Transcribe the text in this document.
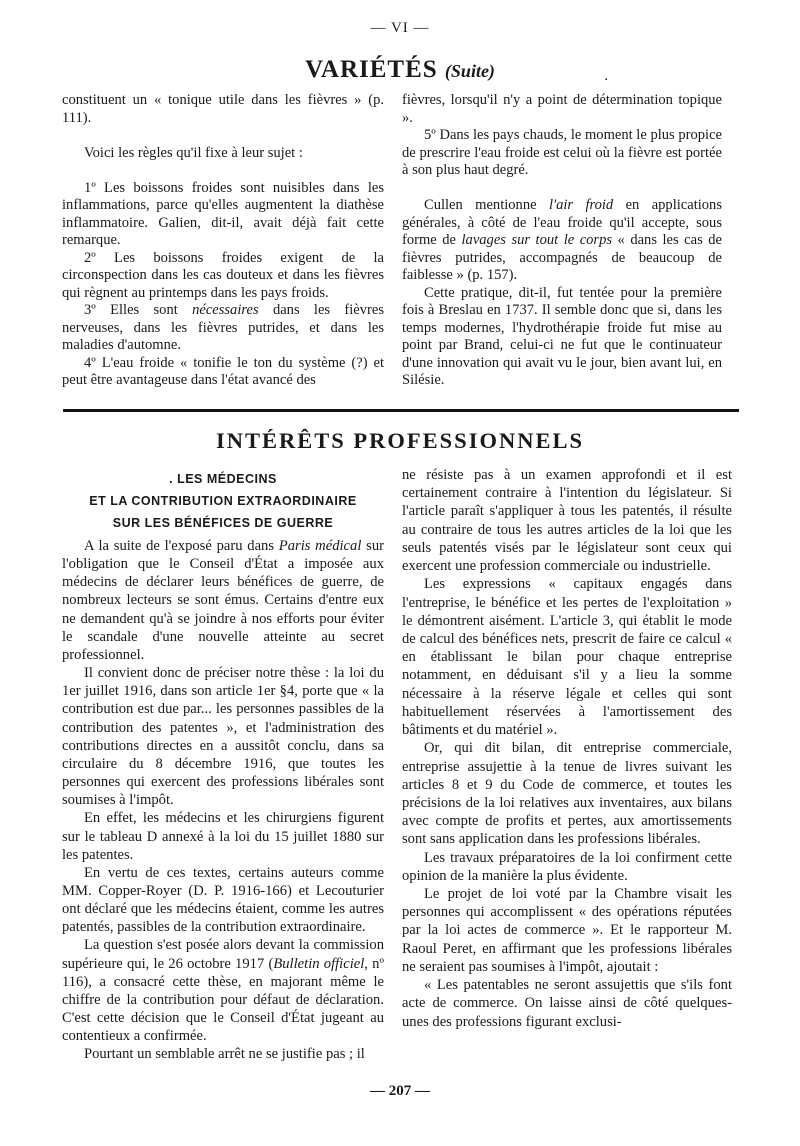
— VI —
VARIÉTÉS (Suite)	.

constituent un « tonique utile dans les fièvres » (p. 111).

Voici les règles qu'il fixe à leur sujet :

1º Les boissons froides sont nuisibles dans les inflammations, parce qu'elles augmentent la diathèse inflammatoire. Galien, dit-il, avait déjà fait cette remarque.

2º Les boissons froides exigent de la circonspection dans les cas douteux et dans les fièvres qui règnent au printemps dans les pays froids.

3º Elles sont nécessaires dans les fièvres nerveuses, dans les fièvres putrides, et dans les maladies d'automne.

4º L'eau froide « tonifie le ton du système (?) et peut être avantageuse dans l'état avancé des

fièvres, lorsqu'il n'y a point de détermination topique ».

5º Dans les pays chauds, le moment le plus propice de prescrire l'eau froide est celui où la fièvre est portée à son plus haut degré.

Cullen mentionne l'air froid en applications générales, à côté de l'eau froide qu'il accepte, sous forme de lavages sur tout le corps « dans les cas de fièvres putrides, accompagnés de beaucoup de faiblesse » (p. 157).

Cette pratique, dit-il, fut tentée pour la première fois à Breslau en 1737. Il semble donc que si, dans les temps modernes, l'hydrothérapie froide fut mise au point par Brand, celui-ci ne fut que le continuateur d'une innovation qui avait vu le jour, bien avant lui, en Silésie.

INTÉRÊTS PROFESSIONNELS

. LES MÉDECINS

ET LA CONTRIBUTION EXTRAORDINAIRE

SUR LES BÉNÉFICES DE GUERRE

A la suite de l'exposé paru dans Paris médical sur l'obligation que le Conseil d'État a imposée aux médecins de déclarer leurs bénéfices de guerre, de nombreux lecteurs se sont émus. Certains d'entre eux ne demandent qu'à se joindre à nos efforts pour éviter le scandale d'une nouvelle atteinte au secret professionnel.

Il convient donc de préciser notre thèse : la loi du 1er juillet 1916, dans son article 1er §4, porte que « la contribution est due par... les personnes passibles de la contribution des patentes », et l'administration des contributions directes en a aussitôt conclu, dans sa circulaire du 8 décembre 1916, que toutes les personnes qui exercent des professions libérales sont soumises à l'impôt.

En effet, les médecins et les chirurgiens figurent sur le tableau D annexé à la loi du 15 juillet 1880 sur les patentes.

En vertu de ces textes, certains auteurs comme MM. Copper-Royer (D. P. 1916-166) et Lecouturier ont déclaré que les médecins étaient, comme les autres patentés, passibles de la contribution extraordinaire.

La question s'est posée alors devant la commission supérieure qui, le 26 octobre 1917 (Bulletin officiel, nº 116), a consacré cette thèse, en majorant même le chiffre de la contribution pour défaut de déclaration. C'est cette décision que le Conseil d'État jugeant au contentieux a confirmée.

Pourtant un semblable arrêt ne se justifie pas ; il

ne résiste pas à un examen approfondi et il est certainement contraire à l'intention du législateur. Si l'article paraît s'appliquer à tous les patentés, il résulte au contraire de tous les autres articles de la loi que les seuls patentés visés par le législateur sont ceux qui exercent une profession commerciale ou industrielle.

Les expressions « capitaux engagés dans l'entreprise, le bénéfice et les pertes de l'exploitation » le démontrent aisément. L'article 3, qui établit le mode de calcul des bénéfices nets, prescrit de faire ce calcul « en établissant le bilan pour chaque entreprise notamment, en déduisant s'il y a lieu la somme nécessaire à la réserve légale et celles qui sont habituellement réservées à l'amortissement des bâtiments et du matériel ».

Or, qui dit bilan, dit entreprise commerciale, entreprise assujettie à la tenue de livres suivant les articles 8 et 9 du Code de commerce, et toutes les précisions de la loi relatives aux inventaires, aux bilans avec compte de profits et pertes, aux amortissements sont sans application dans les professions libérales.

Les travaux préparatoires de la loi confirment cette opinion de la manière la plus évidente.

Le projet de loi voté par la Chambre visait les personnes qui accomplissent « des opérations réputées par la loi actes de commerce ». Et le rapporteur M. Raoul Peret, en affirmant que les professions libérales ne seraient pas soumises à l'impôt, ajoutait :

« Les patentables ne seront assujettis que s'ils font acte de commerce. On laisse ainsi de côté quelques-unes des professions figurant exclusi-

— 207 —
